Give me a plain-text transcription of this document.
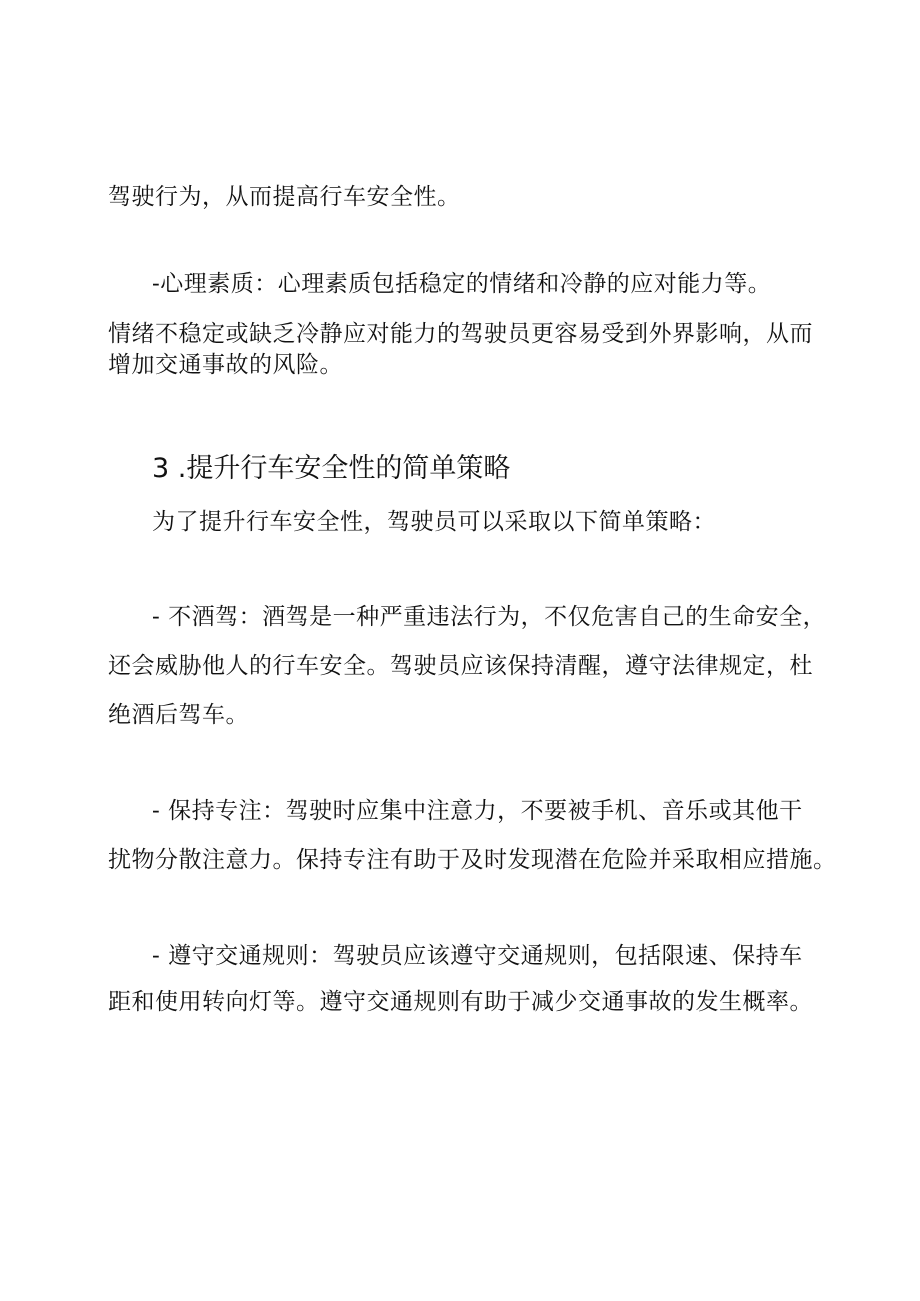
驾驶行为，从而提高行车安全性。
-心理素质：心理素质包括稳定的情绪和冷静的应对能力等。
情绪不稳定或缺乏冷静应对能力的驾驶员更容易受到外界影响，从而
增加交通事故的风险。
3 .提升行车安全性的简单策略
为了提升行车安全性，驾驶员可以采取以下简单策略：
- 不酒驾：酒驾是一种严重违法行为，不仅危害自己的生命安全，
还会威胁他人的行车安全。驾驶员应该保持清醒，遵守法律规定，杜
绝酒后驾车。
- 保持专注：驾驶时应集中注意力，不要被手机、音乐或其他干
扰物分散注意力。保持专注有助于及时发现潜在危险并采取相应措施。
- 遵守交通规则：驾驶员应该遵守交通规则，包括限速、保持车
距和使用转向灯等。遵守交通规则有助于减少交通事故的发生概率。
